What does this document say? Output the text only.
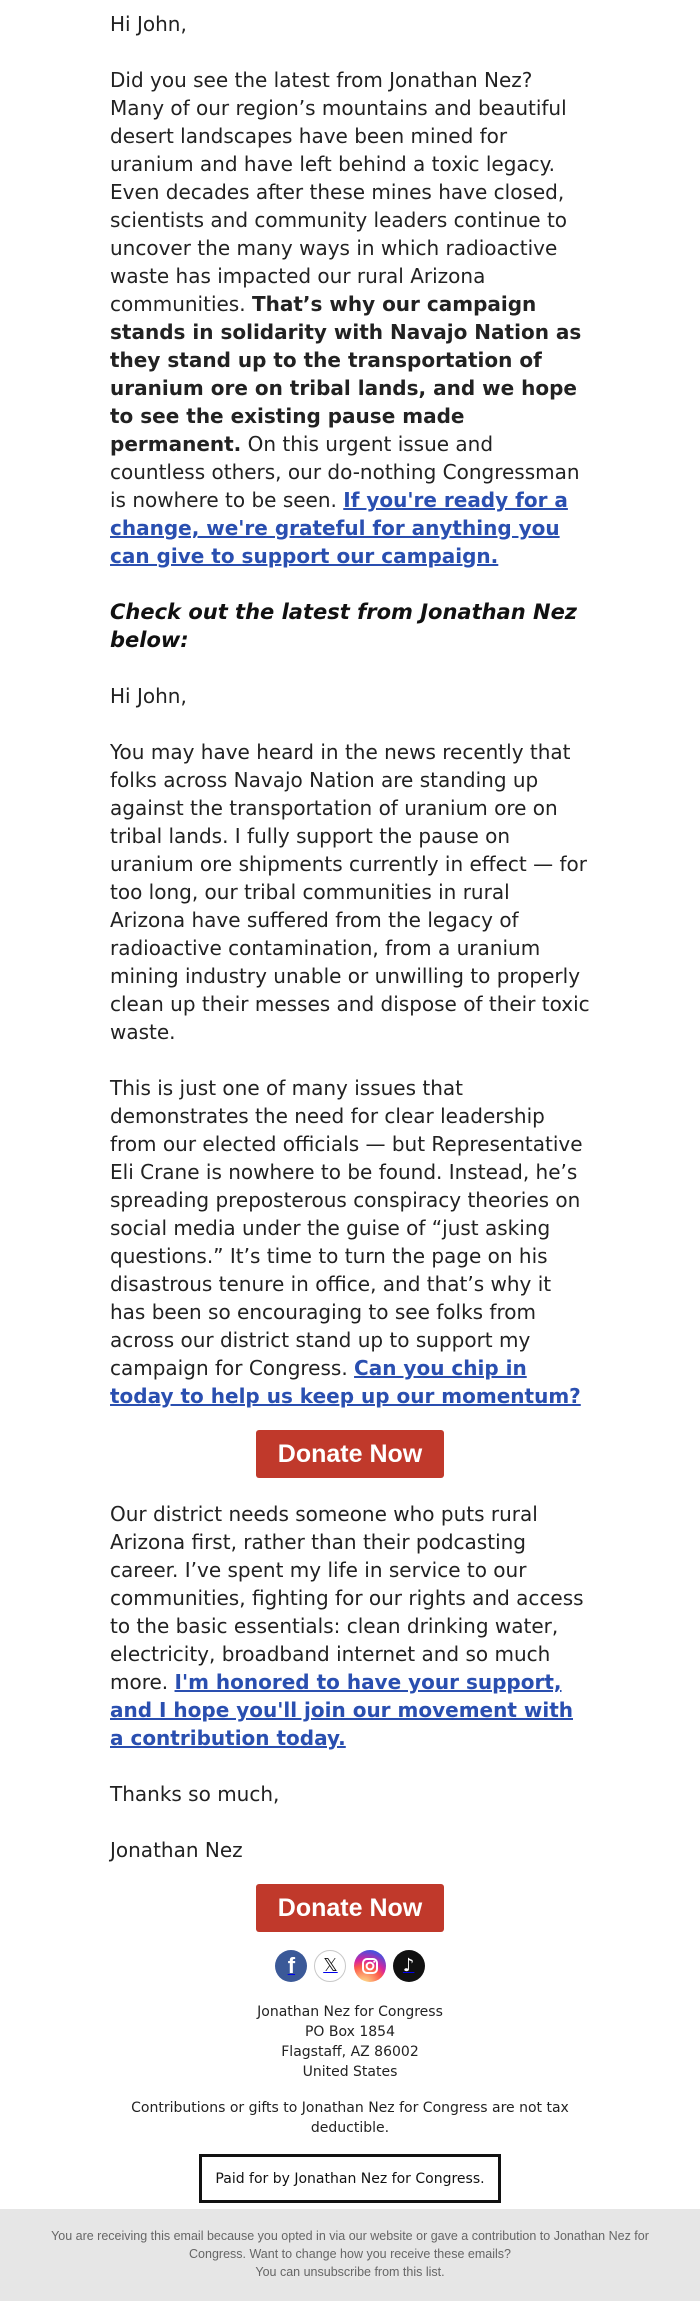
Hi John,

Did you see the latest from Jonathan Nez? Many of our region’s mountains and beautiful desert landscapes have been mined for uranium and have left behind a toxic legacy. Even decades after these mines have closed, scientists and community leaders continue to uncover the many ways in which radioactive waste has impacted our rural Arizona communities. That’s why our campaign stands in solidarity with Navajo Nation as they stand up to the transportation of uranium ore on tribal lands, and we hope to see the existing pause made permanent. On this urgent issue and countless others, our do-nothing Congressman is nowhere to be seen. If you're ready for a change, we're grateful for anything you can give to support our campaign.

Check out the latest from Jonathan Nez below:

Hi John,

You may have heard in the news recently that folks across Navajo Nation are standing up against the transportation of uranium ore on tribal lands. I fully support the pause on uranium ore shipments currently in effect — for too long, our tribal communities in rural Arizona have suffered from the legacy of radioactive contamination, from a uranium mining industry unable or unwilling to properly clean up their messes and dispose of their toxic waste.

This is just one of many issues that demonstrates the need for clear leadership from our elected officials — but Representative Eli Crane is nowhere to be found. Instead, he’s spreading preposterous conspiracy theories on social media under the guise of “just asking questions.” It’s time to turn the page on his disastrous tenure in office, and that’s why it has been so encouraging to see folks from across our district stand up to support my campaign for Congress. Can you chip in today to help us keep up our momentum?

Donate Now

Our district needs someone who puts rural Arizona first, rather than their podcasting career. I’ve spent my life in service to our communities, fighting for our rights and access to the basic essentials: clean drinking water, electricity, broadband internet and so much more. I'm honored to have your support, and I hope you'll join our movement with a contribution today.

Thanks so much,

Jonathan Nez

Donate Now
f 𝕏	♪
Jonathan Nez for Congress
PO Box 1854
Flagstaff, AZ 86002
United States
Contributions or gifts to Jonathan Nez for Congress are not tax deductible.
Paid for by Jonathan Nez for Congress.
You are receiving this email because you opted in via our website or gave a contribution to Jonathan Nez for Congress. Want to change how you receive these emails?
You can unsubscribe from this list.
